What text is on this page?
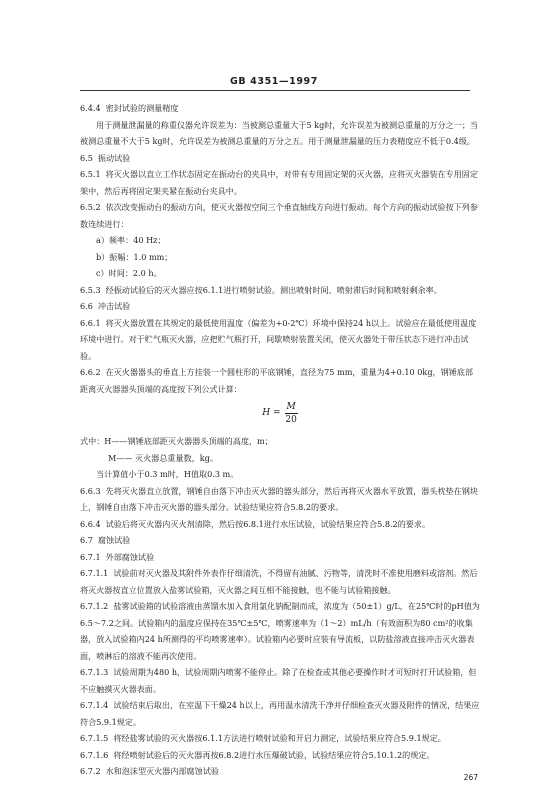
GB 4351—1997

6.4.4 密封试验的测量精度

用于测量泄漏量的称重仪器允许误差为：当被测总重量大于5 kg时，允许误差为被测总重量的万分之一；当被测总重量不大于5 kg时，允许误差为被测总重量的万分之五。用于测量泄漏量的压力表精度应不低于0.4级。

6.5 振动试验

6.5.1 将灭火器以直立工作状态固定在振动台的夹具中，对带有专用固定架的灭火器，应将灭火器装在专用固定架中，然后再将固定架夹紧在振动台夹具中。

6.5.2 依次改变振动台的振动方向，使灭火器按空间三个垂直轴线方向进行振动。每个方向的振动试验按下列参数连续进行：

a）频率：40 Hz；

b）振幅：1.0 mm；

c）时间：2.0 h。

6.5.3 经振动试验后的灭火器应按6.1.1进行喷射试验。测出喷射时间、喷射滞后时间和喷射剩余率。

6.6 冲击试验

6.6.1 将灭火器放置在其规定的最低使用温度（偏差为+0-2℃）环境中保持24 h以上。试验应在最低使用温度环境中进行。对于贮气瓶灭火器，应把贮气瓶打开，间歇喷射装置关闭，使灭火器处于带压状态下进行冲击试验。

6.6.2 在灭火器器头的垂直上方挂装一个圆柱形的平底钢锤，直径为75 mm，重量为4+0.10 0kg，钢锤底部距离灭火器器头顶端的高度按下列公式计算：

$H = \frac{M}{20}$

式中：H——钢锤底部距灭火器器头顶端的高度，m；

M—— 灭火器总重量数，kg。

当计算值小于0.3 m时，H值取0.3 m。

6.6.3 先将灭火器直立放置，钢锤自由落下冲击灭火器的器头部分，然后再将灭火器水平放置，器头枕垫在钢块上，钢锤自由落下冲击灭火器的器头部分。试验结果应符合5.8.2的要求。

6.6.4 试验后将灭火器内灭火剂清除，然后按6.8.1进行水压试验，试验结果应符合5.8.2的要求。

6.7 腐蚀试验

6.7.1 外部腐蚀试验

6.7.1.1 试验前对灭火器及其附件外表作仔细清洗，不得留有油腻、污物等，清洗时不准使用磨料或溶剂。然后将灭火器按直立位置放入盐雾试验箱，灭火器之间互相不能接触，也不能与试验箱接触。

6.7.1.2 盐雾试验箱的试验溶液由蒸馏水加入食用氯化钠配制而成，浓度为（50±1）g/L，在25℃时的pH值为6.5～7.2之间。试验箱内的温度应保持在35℃±5℃，喷雾速率为（1～2）mL/h（有效面积为80 cm²的收集器，放入试验箱内24 h所测得的平均喷雾速率）。试验箱内必要时应装有导流板，以防盐溶液直接冲击灭火器表面，喷淋后的溶液不能再次使用。

6.7.1.3 试验周期为480 h，试验周期内喷雾不能停止。除了在检查或其他必要操作时才可短时打开试验箱，但不应触摸灭火器表面。

6.7.1.4 试验结束后取出，在室温下干燥24 h以上，再用温水清洗干净并仔细检查灭火器及附件的情况，结果应符合5.9.1规定。

6.7.1.5 将经盐雾试验的灭火器按6.1.1方法进行喷射试验和开启力测定，试验结果应符合5.9.1规定。

6.7.1.6 将经喷射试验后的灭火器再按6.8.2进行水压爆破试验，试验结果应符合5.10.1.2的规定。

6.7.2 水和泡沫型灭火器内部腐蚀试验

267
